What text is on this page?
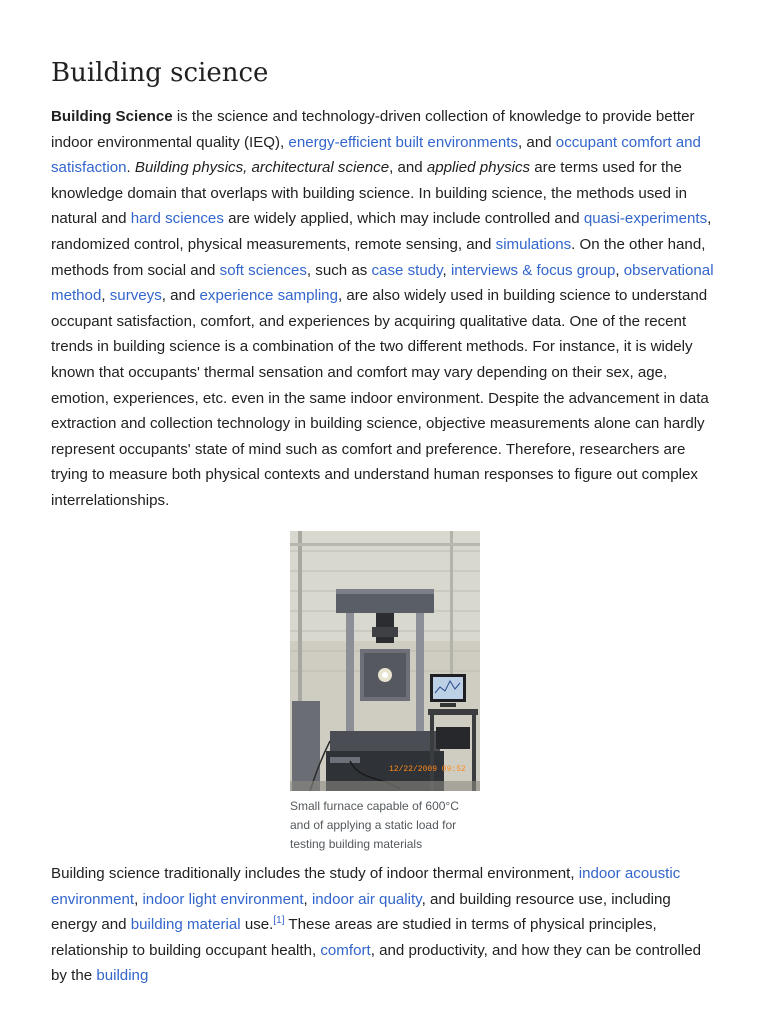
Building science

Building Science is the science and technology-driven collection of knowledge to provide better indoor environmental quality (IEQ), energy-efficient built environments, and occupant comfort and satisfaction. Building physics, architectural science, and applied physics are terms used for the knowledge domain that overlaps with building science. In building science, the methods used in natural and hard sciences are widely applied, which may include controlled and quasi-experiments, randomized control, physical measurements, remote sensing, and simulations. On the other hand, methods from social and soft sciences, such as case study, interviews & focus group, observational method, surveys, and experience sampling, are also widely used in building science to understand occupant satisfaction, comfort, and experiences by acquiring qualitative data. One of the recent trends in building science is a combination of the two different methods. For instance, it is widely known that occupants' thermal sensation and comfort may vary depending on their sex, age, emotion, experiences, etc. even in the same indoor environment. Despite the advancement in data extraction and collection technology in building science, objective measurements alone can hardly represent occupants' state of mind such as comfort and preference. Therefore, researchers are trying to measure both physical contexts and understand human responses to figure out complex interrelationships.

12/22/2009 09:52
Small furnace capable of 600°C and of applying a static load for testing building materials

Building science traditionally includes the study of indoor thermal environment, indoor acoustic environment, indoor light environment, indoor air quality, and building resource use, including energy and building material use.[1] These areas are studied in terms of physical principles, relationship to building occupant health, comfort, and productivity, and how they can be controlled by the building
